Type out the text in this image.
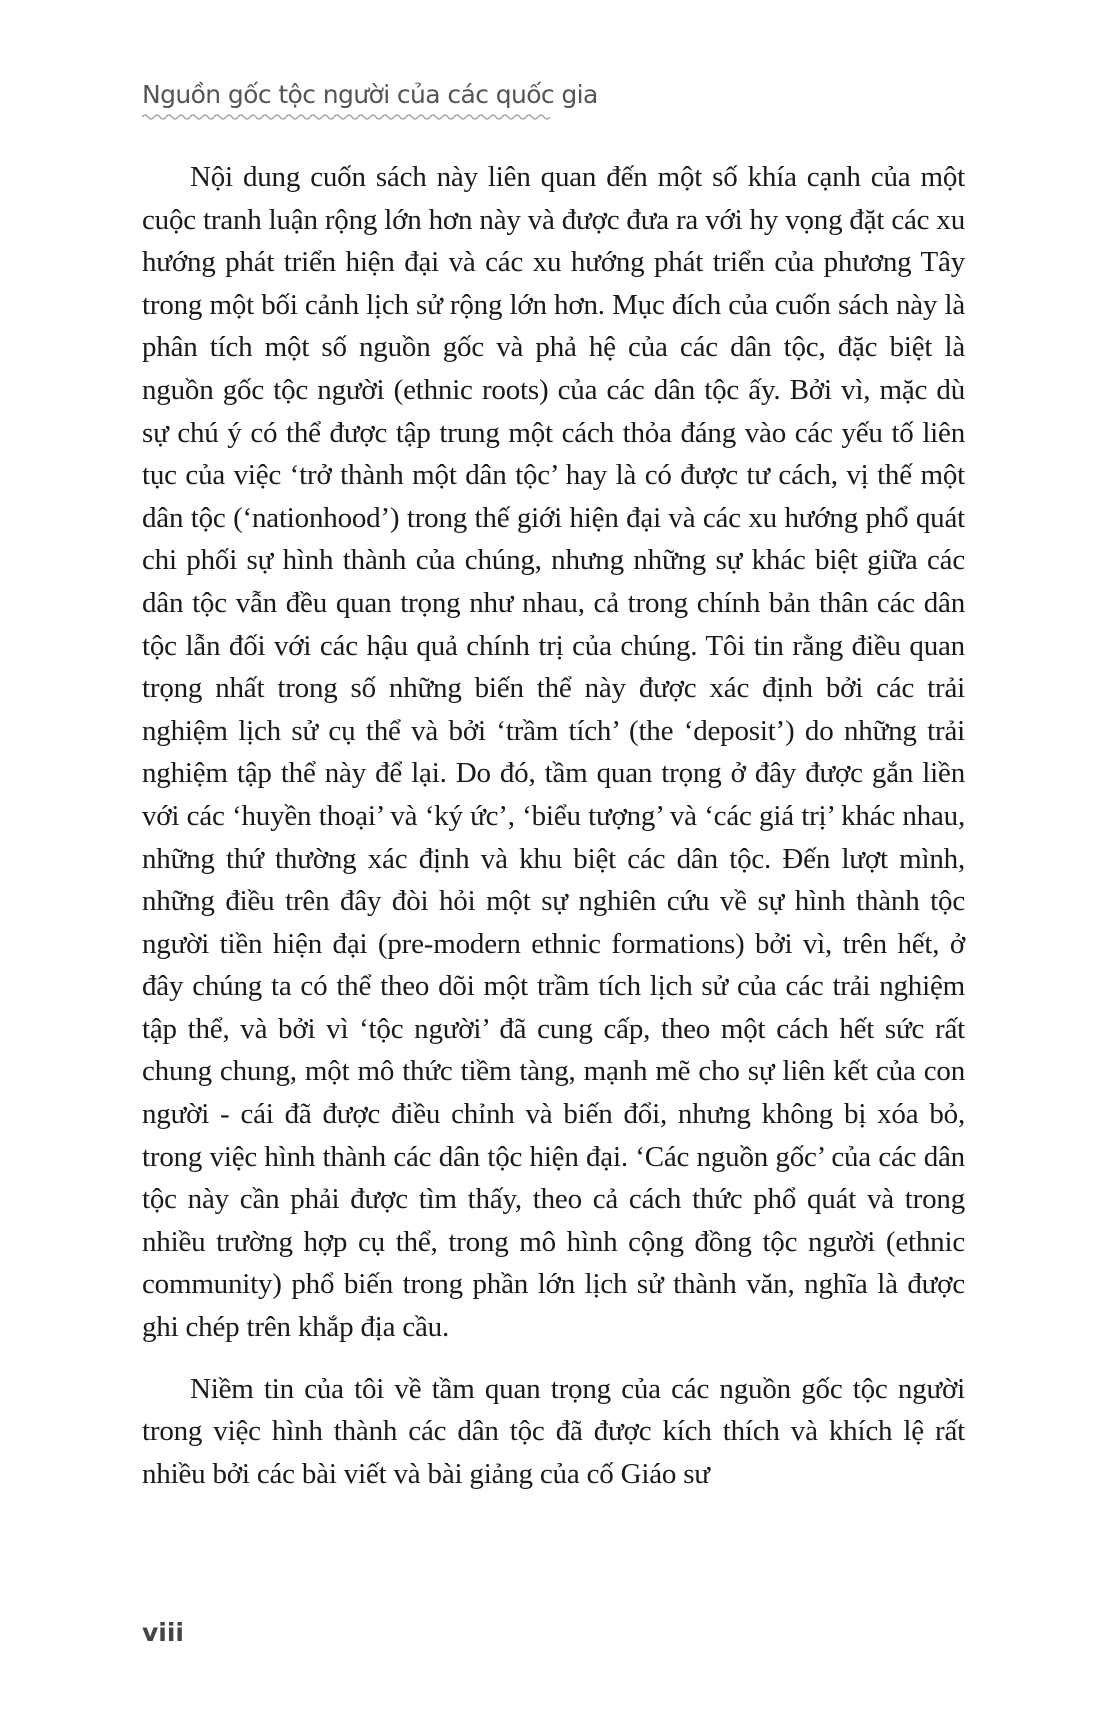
Nguồn gốc tộc người của các quốc gia

Nội dung cuốn sách này liên quan đến một số khía cạnh của một cuộc tranh luận rộng lớn hơn này và được đưa ra với hy vọng đặt các xu hướng phát triển hiện đại và các xu hướng phát triển của phương Tây trong một bối cảnh lịch sử rộng lớn hơn. Mục đích của cuốn sách này là phân tích một số nguồn gốc và phả hệ của các dân tộc, đặc biệt là nguồn gốc tộc người (ethnic roots) của các dân tộc ấy. Bởi vì, mặc dù sự chú ý có thể được tập trung một cách thỏa đáng vào các yếu tố liên tục của việc ‘trở thành một dân tộc’ hay là có được tư cách, vị thế một dân tộc (‘nationhood’) trong thế giới hiện đại và các xu hướng phổ quát chi phối sự hình thành của chúng, nhưng những sự khác biệt giữa các dân tộc vẫn đều quan trọng như nhau, cả trong chính bản thân các dân tộc lẫn đối với các hậu quả chính trị của chúng. Tôi tin rằng điều quan trọng nhất trong số những biến thể này được xác định bởi các trải nghiệm lịch sử cụ thể và bởi ‘trầm tích’ (the ‘deposit’) do những trải nghiệm tập thể này để lại. Do đó, tầm quan trọng ở đây được gắn liền với các ‘huyền thoại’ và ‘ký ức’, ‘biểu tượng’ và ‘các giá trị’ khác nhau, những thứ thường xác định và khu biệt các dân tộc. Đến lượt mình, những điều trên đây đòi hỏi một sự nghiên cứu về sự hình thành tộc người tiền hiện đại (pre-modern ethnic formations) bởi vì, trên hết, ở đây chúng ta có thể theo dõi một trầm tích lịch sử của các trải nghiệm tập thể, và bởi vì ‘tộc người’ đã cung cấp, theo một cách hết sức rất chung chung, một mô thức tiềm tàng, mạnh mẽ cho sự liên kết của con người - cái đã được điều chỉnh và biến đổi, nhưng không bị xóa bỏ, trong việc hình thành các dân tộc hiện đại. ‘Các nguồn gốc’ của các dân tộc này cần phải được tìm thấy, theo cả cách thức phổ quát và trong nhiều trường hợp cụ thể, trong mô hình cộng đồng tộc người (ethnic community) phổ biến trong phần lớn lịch sử thành văn, nghĩa là được ghi chép trên khắp địa cầu.

Niềm tin của tôi về tầm quan trọng của các nguồn gốc tộc người trong việc hình thành các dân tộc đã được kích thích và khích lệ rất nhiều bởi các bài viết và bài giảng của cố Giáo sư

viii
